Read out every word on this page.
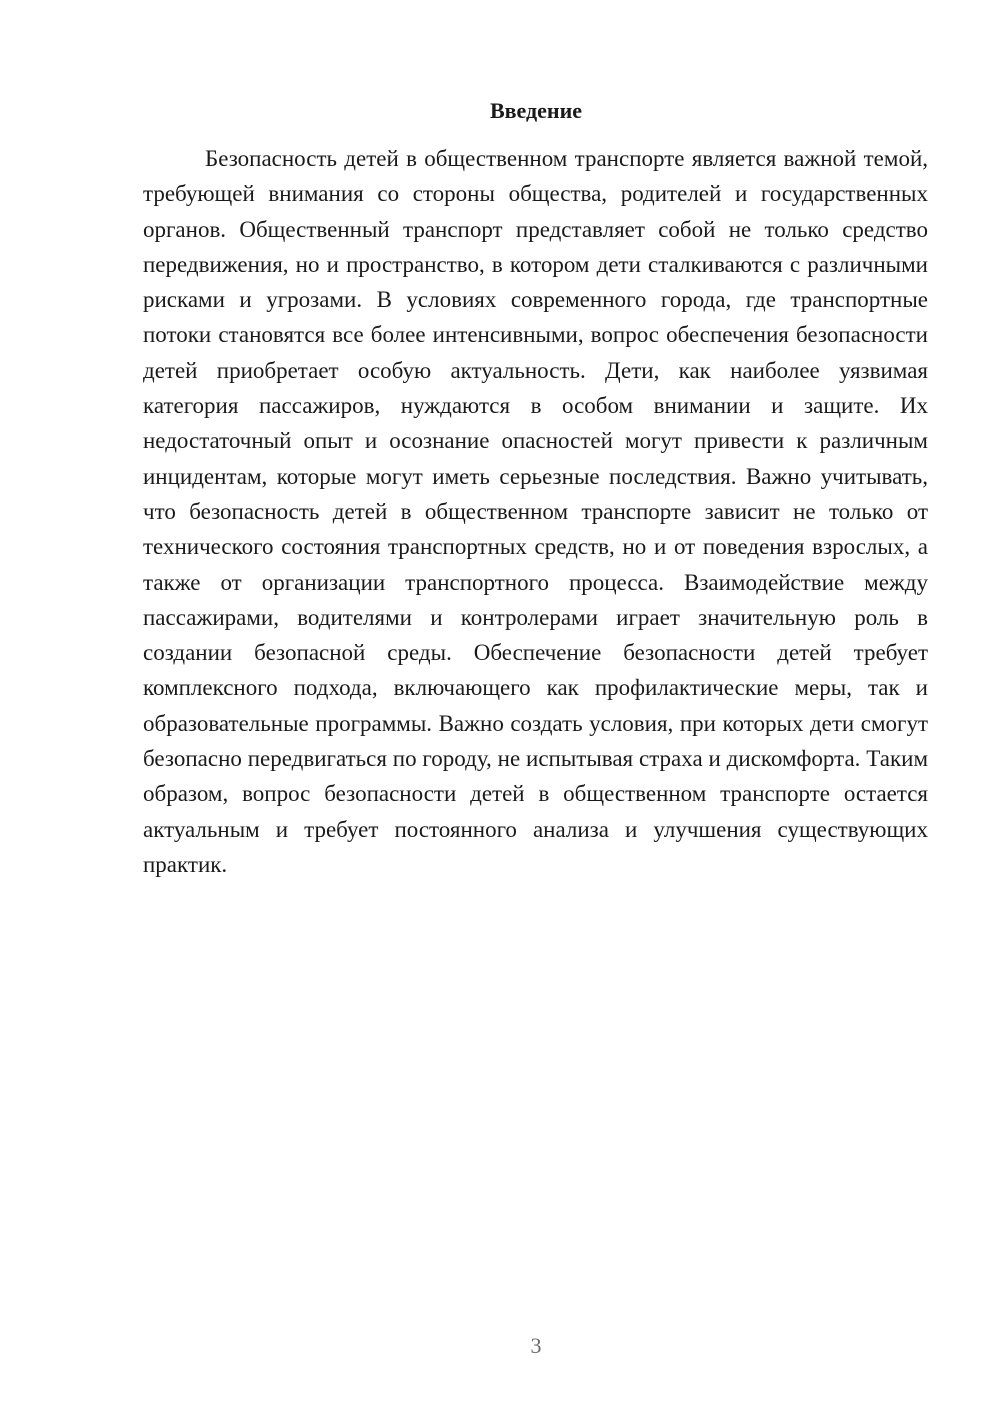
Введение

Безопасность детей в общественном транспорте является важной темой, требующей внимания со стороны общества, родителей и государственных органов. Общественный транспорт представляет собой не только средство передвижения, но и пространство, в котором дети сталкиваются с различными рисками и угрозами. В условиях современного города, где транспортные потоки становятся все более интенсивными, вопрос обеспечения безопасности детей приобретает особую актуальность. Дети, как наиболее уязвимая категория пассажиров, нуждаются в особом внимании и защите. Их недостаточный опыт и осознание опасностей могут привести к различным инцидентам, которые могут иметь серьезные последствия. Важно учитывать, что безопасность детей в общественном транспорте зависит не только от технического состояния транспортных средств, но и от поведения взрослых, а также от организации транспортного процесса. Взаимодействие между пассажирами, водителями и контролерами играет значительную роль в создании безопасной среды. Обеспечение безопасности детей требует комплексного подхода, включающего как профилактические меры, так и образовательные программы. Важно создать условия, при которых дети смогут безопасно передвигаться по городу, не испытывая страха и дискомфорта. Таким образом, вопрос безопасности детей в общественном транспорте остается актуальным и требует постоянного анализа и улучшения существующих практик.

3
